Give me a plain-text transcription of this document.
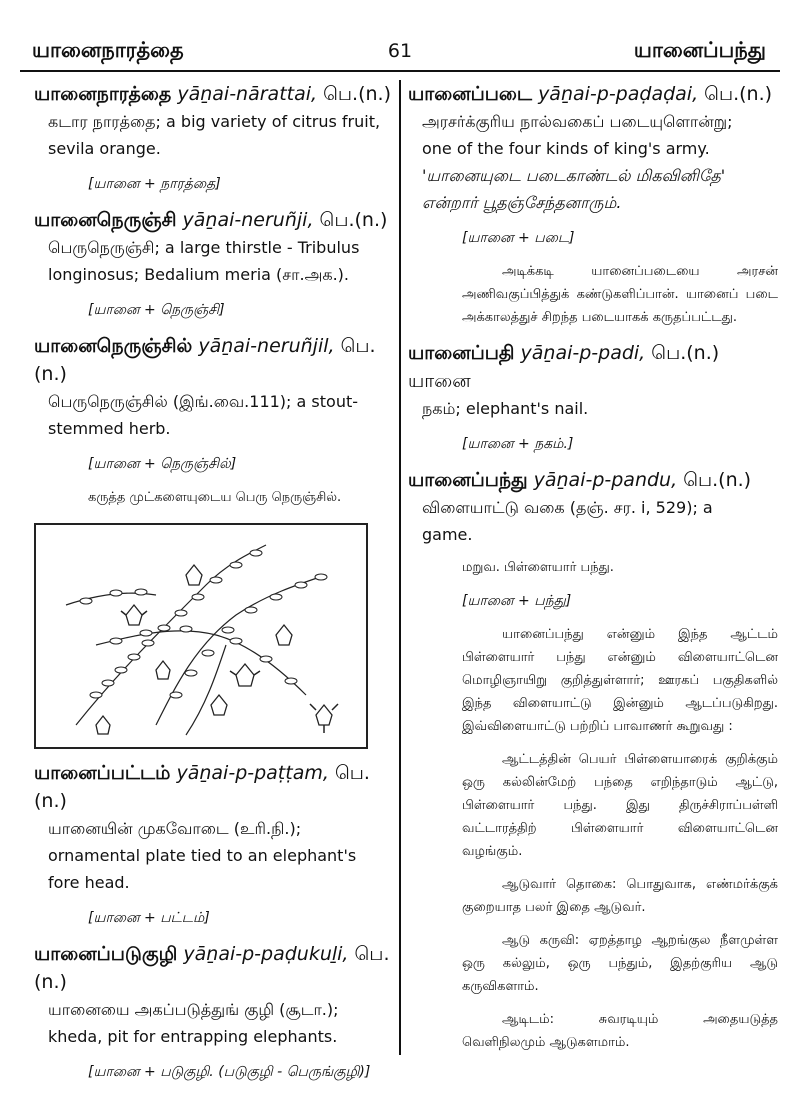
யானைநாரத்தை	61	யானைப்பந்து
யானைநாரத்தை yāṉai-nārattai, பெ.(n.)
கடார நாரத்தை; a big variety of citrus fruit,
sevila orange.
[யானை + நாரத்தை]
யானைநெருஞ்சி yāṉai-neruñji, பெ.(n.)
பெருநெருஞ்சி; a large thirstle - Tribulus
longinosus; Bedalium meria (சா.அக.).
[யானை + நெருஞ்சி]
யானைநெருஞ்சில் yāṉai-neruñjil, பெ.(n.)
பெருநெருஞ்சில் (இங்.வை.111); a stout-
stemmed herb.
[யானை + நெருஞ்சில்]
கருத்த முட்களையுடைய பெரு நெருஞ்சில்.
யானைப்பட்டம் yāṉai-p-paṭṭam, பெ.(n.)
யானையின் முகவோடை (உரி.நி.);
ornamental plate tied to an elephant's
fore head.
[யானை + பட்டம்]
யானைப்படுகுழி yāṉai-p-paḍukuḻi, பெ.(n.)
யானையை அகப்படுத்துங் குழி (சூடா.);
kheda, pit for entrapping elephants.
[யானை + படுகுழி. (படுகுழி - பெருங்குழி)]
யானைப்படை yāṉai-p-paḍaḍai, பெ.(n.)
அரசர்க்குரிய நால்வகைப் படையுளொன்று;
one of the four kinds of king's army.
'யானையுடை படைகாண்டல் மிகவினிதே'
என்றார் பூதஞ்சேந்தனாரும்.
[யானை + படை]
அடிக்கடி யானைப்படையை அரசன் அணிவகுப்பித்துக் கண்டுகளிப்பான். யானைப் படை அக்காலத்துச் சிறந்த படையாகக் கருதப்பட்டது.
யானைப்பதி yāṉai-p-padi, பெ.(n.) யானை
நகம்; elephant's nail.
[யானை + நகம்.]
யானைப்பந்து yāṉai-p-pandu, பெ.(n.)
விளையாட்டு வகை (தஞ். சர. i, 529); a
game.
மறுவ. பிள்ளையார் பந்து.
[யானை + பந்து]
யானைப்பந்து என்னும் இந்த ஆட்டம் பிள்ளையார் பந்து என்னும் விளையாட்டென மொழிஞாயிறு குறித்துள்ளார்; ஊரகப் பகுதிகளில் இந்த விளையாட்டு இன்னும் ஆடப்படுகிறது. இவ்விளையாட்டு பற்றிப் பாவாணர் கூறுவது :
ஆட்டத்தின் பெயர் பிள்ளையாரைக் குறிக்கும் ஒரு கல்லின்மேற் பந்தை எறிந்தாடும் ஆட்டு, பிள்ளையார் பந்து. இது திருச்சிராப்பள்ளி வட்டாரத்திற் பிள்ளையார் விளையாட்டென வழங்கும்.
ஆடுவார் தொகை: பொதுவாக, எண்மர்க்குக் குறையாத பலர் இதை ஆடுவர்.
ஆடு கருவி: ஏறத்தாழ ஆறங்குல நீளமுள்ள ஒரு கல்லும், ஒரு பந்தும், இதற்குரிய ஆடு கருவிகளாம்.
ஆடிடம்: சுவரடியும் அதையடுத்த வெளிநிலமும் ஆடுகளமாம்.
